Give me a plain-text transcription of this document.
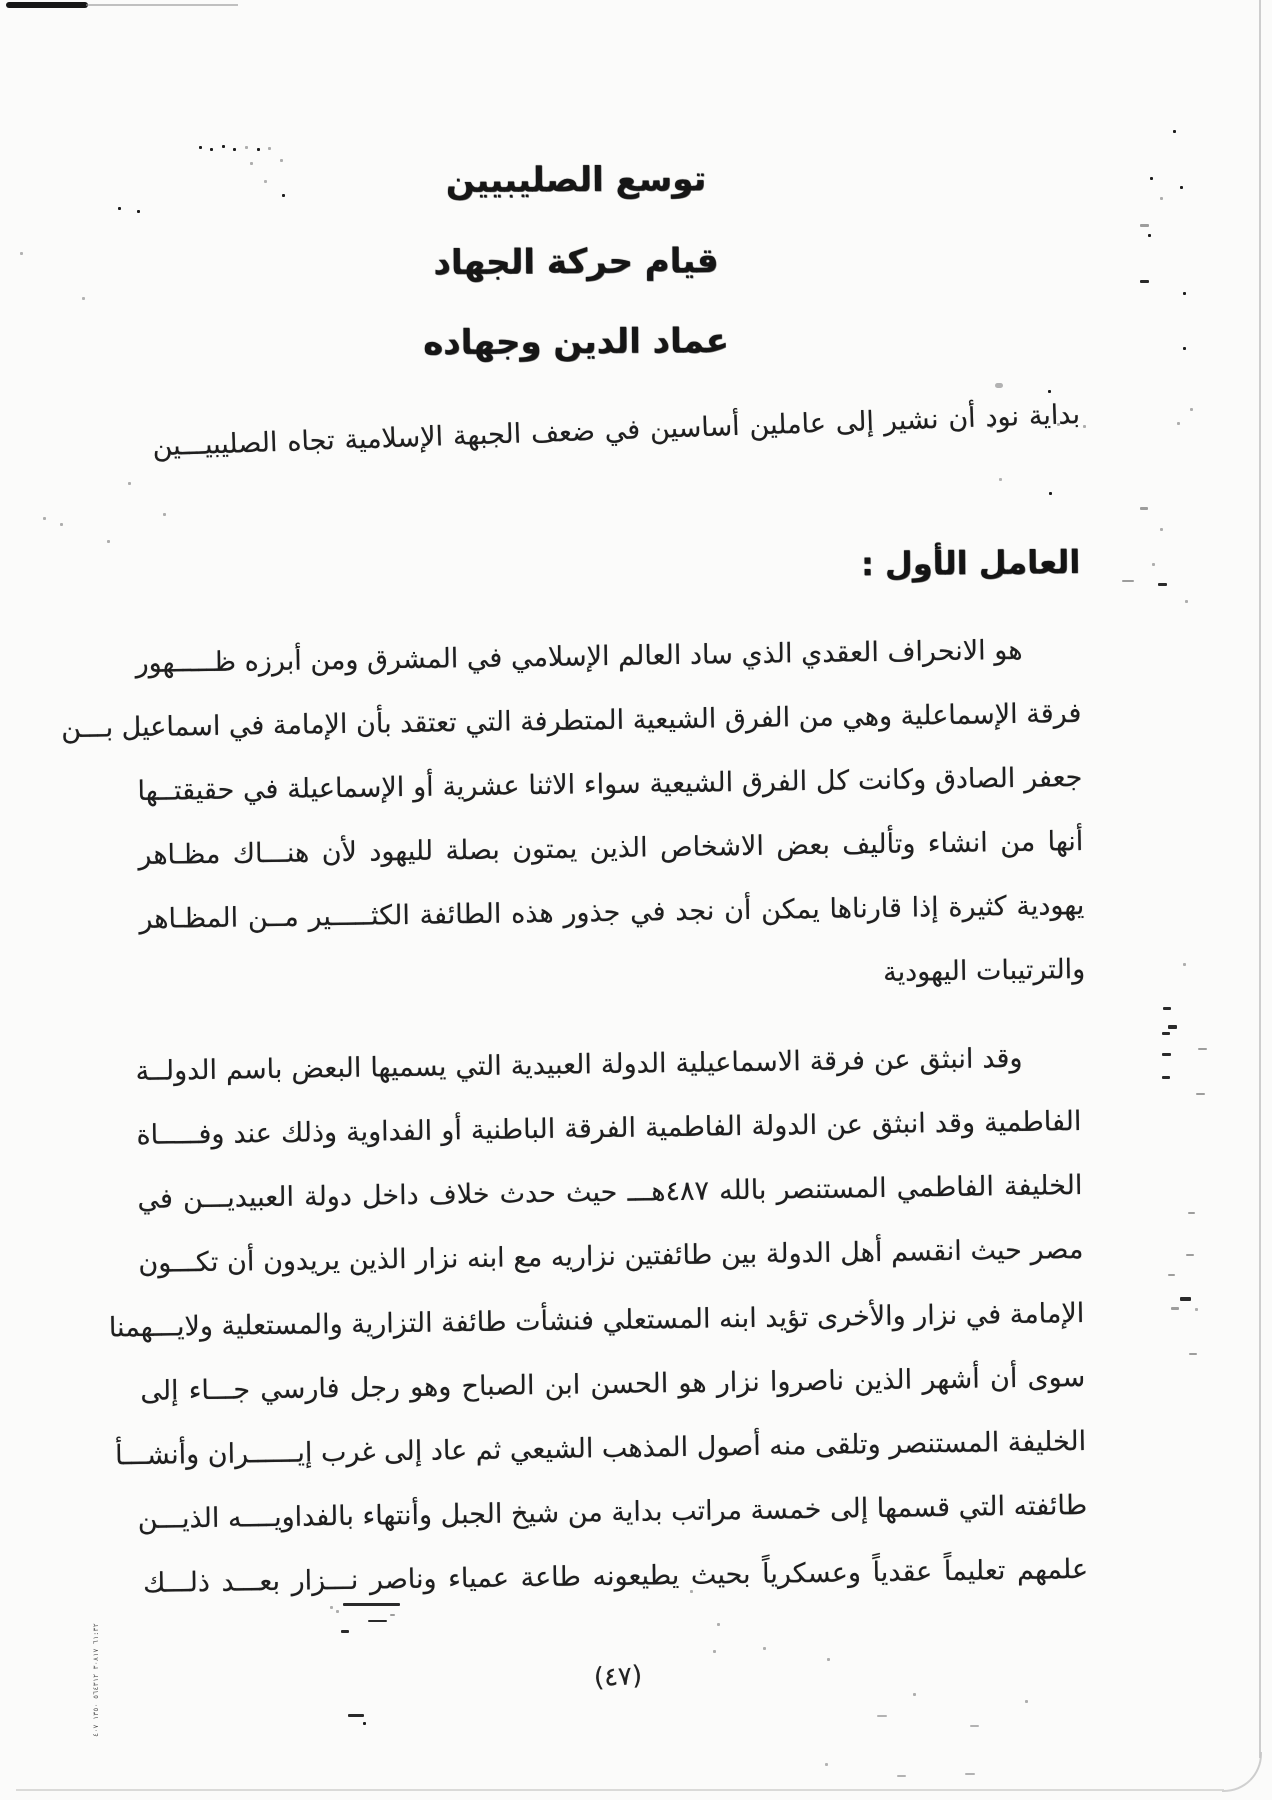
توسع الصليبيين
قيام حركة الجهاد
عماد الدين وجهاده
بداية نود أن نشير إلى عاملين أساسين في ضعف الجبهة الإسلامية تجاه الصليبيـــين
العامل الأول :
هو الانحراف العقدي الذي ساد العالم الإسلامي في المشرق ومن أبرزه ظـــــهور
فرقة الإسماعلية وهي من الفرق الشيعية المتطرفة التي تعتقد بأن الإمامة في اسماعيل بـــن
جعفر الصادق وكانت كل الفرق الشيعية سواء الاثنا عشرية أو الإسماعيلة في حقيقتــها
أنها من انشاء وتأليف بعض الاشخاص الذين يمتون بصلة لليهود لأن هنـــاك مظـاهر
يهودية كثيرة إذا قارناها يمكن أن نجد في جذور هذه الطائفة الكثـــــير مــن المظـاهر
والترتيبات اليهودية
وقد انبثق عن فرقة الاسماعيلية الدولة العبيدية التي يسميها البعض باسم الدولــة
الفاطمية وقد انبثق عن الدولة الفاطمية الفرقة الباطنية أو الفداوية وذلك عند وفـــــاة
الخليفة الفاطمي المستنصر بالله ٤٨٧هـــ حيث حدث خلاف داخل دولة العبيديـــن في
مصر حيث انقسم أهل الدولة بين طائفتين نزاريه مع ابنه نزار الذين يريدون أن تكـــون
الإمامة في نزار والأخرى تؤيد ابنه المستعلي فنشأت طائفة التزارية والمستعلية ولايـــهمنا
سوى أن أشهر الذين ناصروا نزار هو الحسن ابن الصباح وهو رجل فارسي جـــاء إلى
الخليفة المستنصر وتلقى منه أصول المذهب الشيعي ثم عاد إلى غرب إيــــــران وأنشـــأ
طائفته التي قسمها إلى خمسة مراتب بداية من شيخ الجبل وأنتهاء بالفداويــــه الذيـــن
علمهم تعليماً عقدياً وعسكرياً بحيث يطيعونه طاعة عمياء وناصر نـــزار بعـــد ذلـــك
(٤٧)
٦١:٣٢ ٣٠٨١٧ ٥٦٤٣١٢ ١٣٥٠ ٤٠٧
